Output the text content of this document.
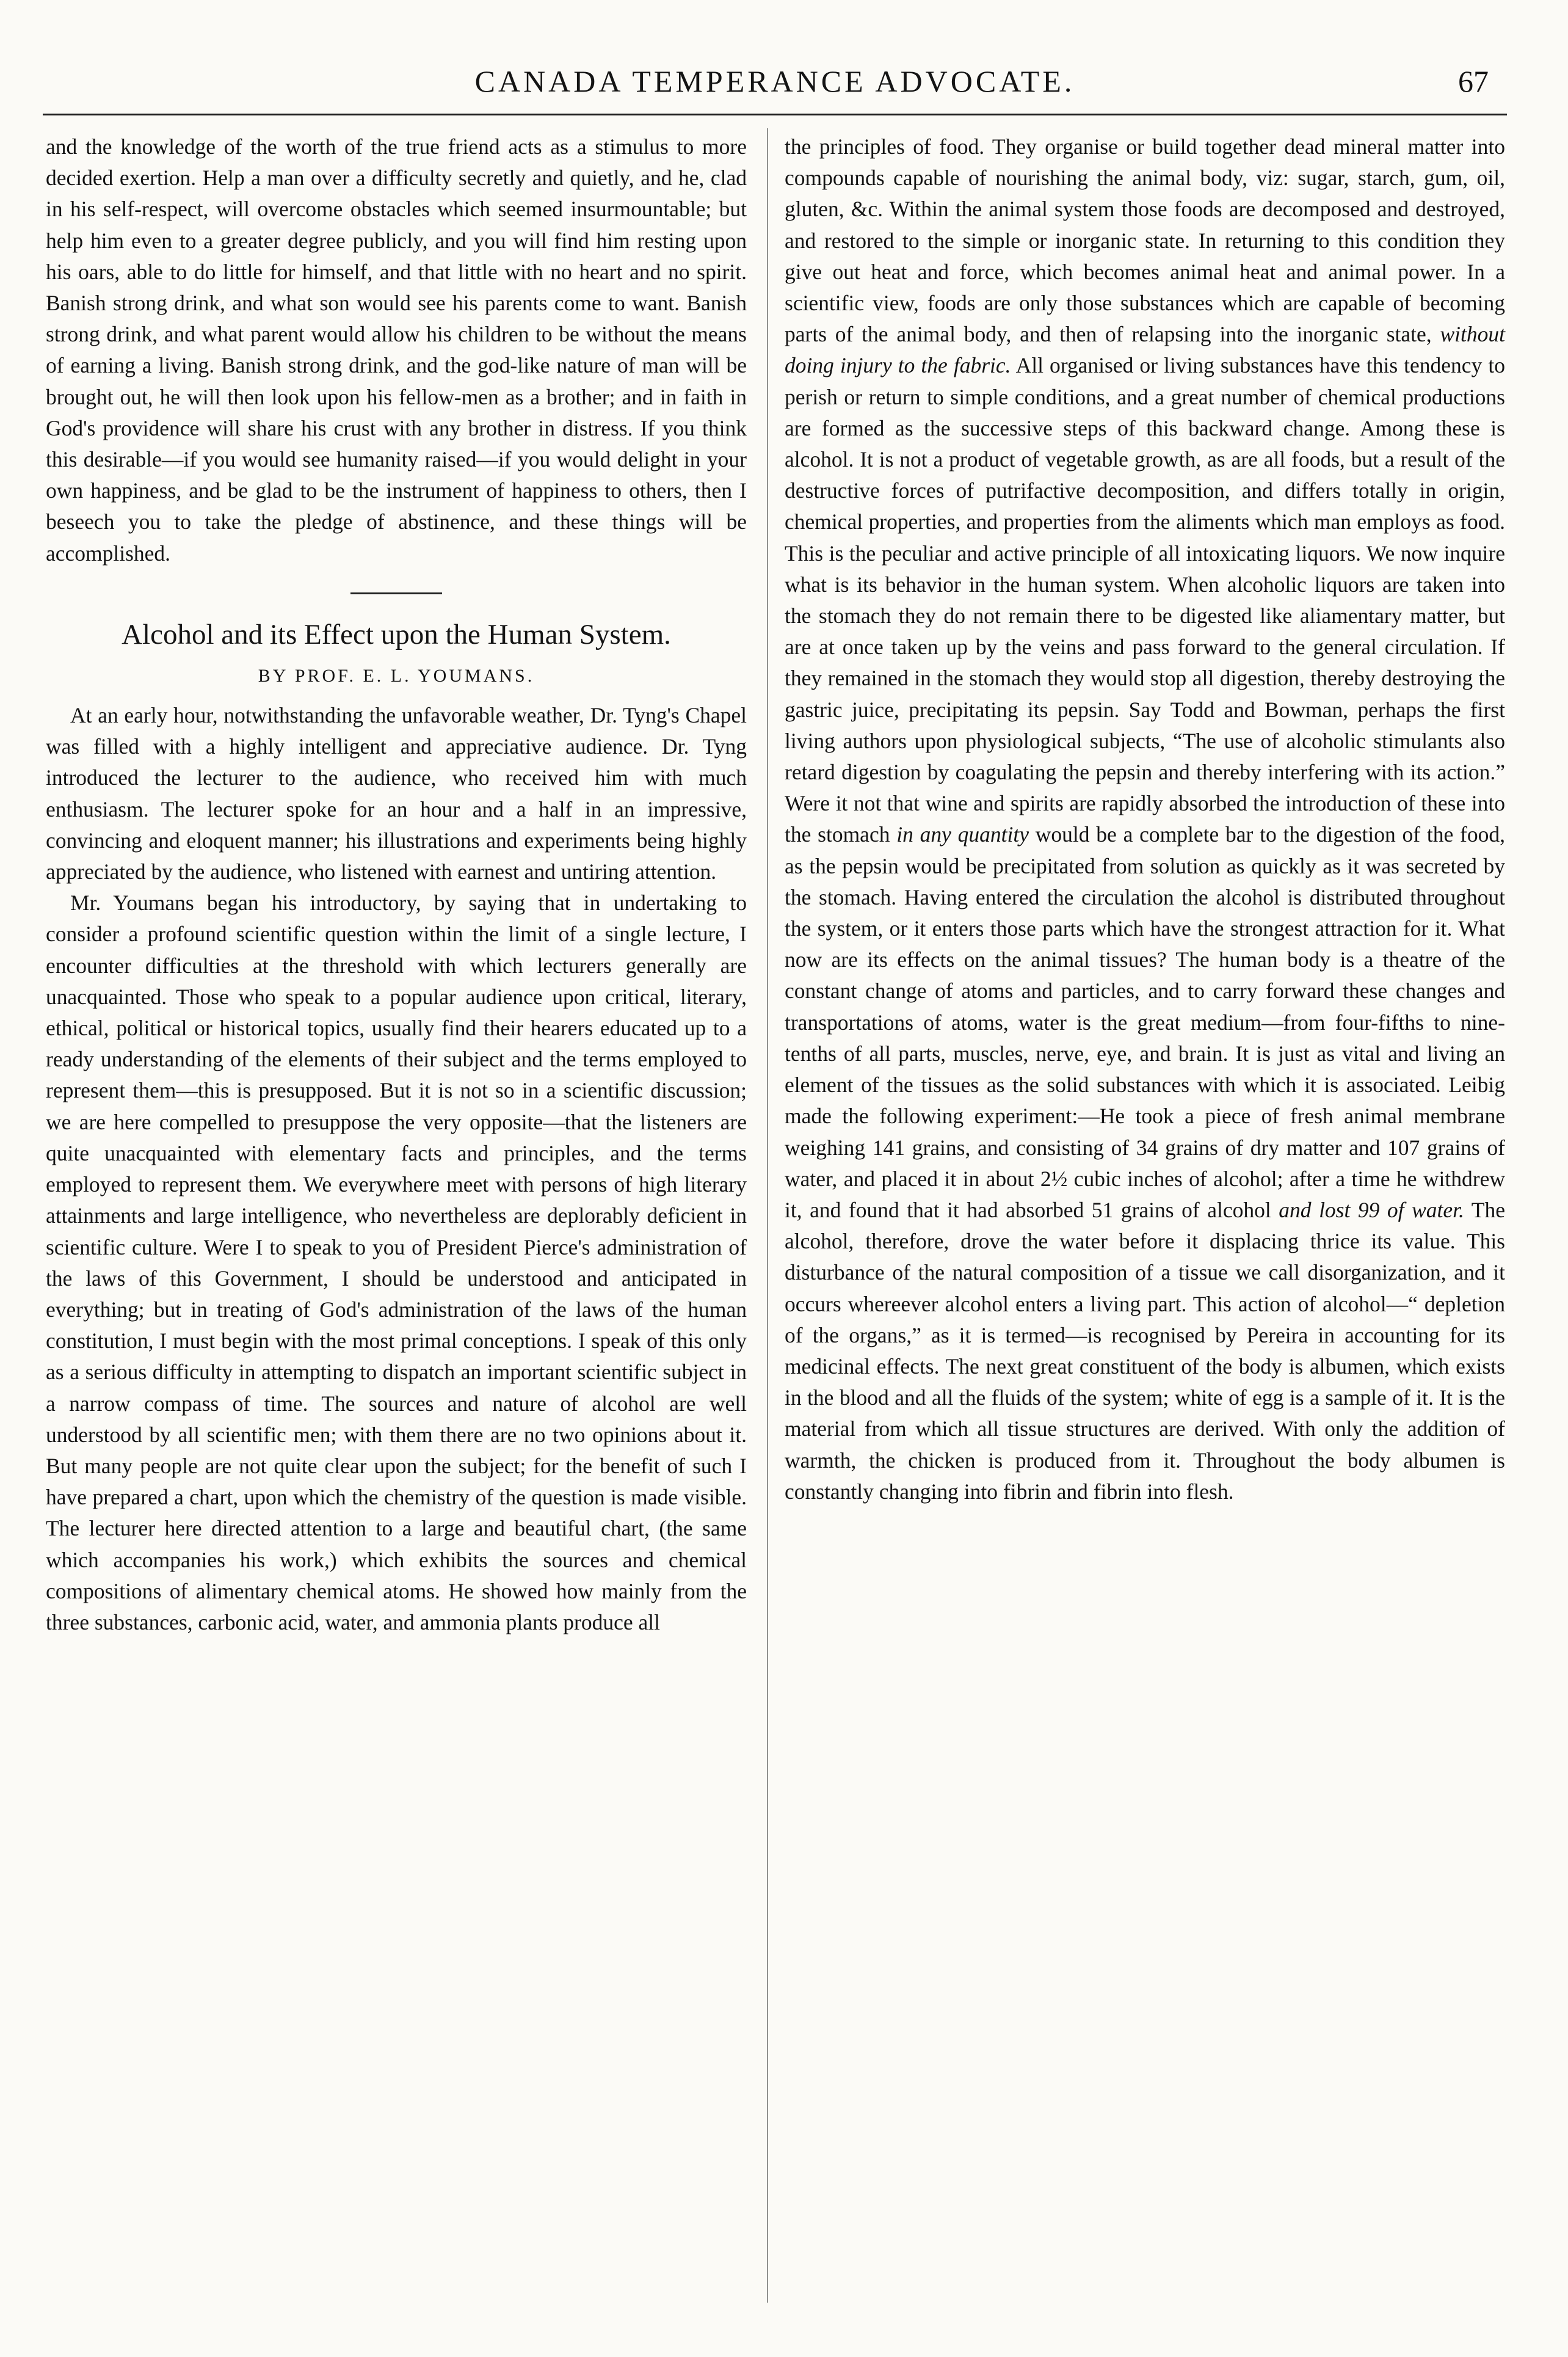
CANADA TEMPERANCE ADVOCATE.	67

and the knowledge of the worth of the true friend acts as a stimulus to more decided exertion. Help a man over a difficulty secretly and quietly, and he, clad in his self-respect, will overcome obstacles which seemed insurmountable; but help him even to a greater degree publicly, and you will find him resting upon his oars, able to do little for himself, and that little with no heart and no spirit. Banish strong drink, and what son would see his parents come to want. Banish strong drink, and what parent would allow his children to be without the means of earning a living. Banish strong drink, and the god-like nature of man will be brought out, he will then look upon his fellow-men as a brother; and in faith in God's providence will share his crust with any brother in distress. If you think this desirable—if you would see humanity raised—if you would delight in your own happiness, and be glad to be the instrument of happiness to others, then I beseech you to take the pledge of abstinence, and these things will be accomplished.

Alcohol and its Effect upon the Human System.
BY PROF. E. L. YOUMANS.

At an early hour, notwithstanding the unfavorable weather, Dr. Tyng's Chapel was filled with a highly intelligent and appreciative audience. Dr. Tyng introduced the lecturer to the audience, who received him with much enthusiasm. The lecturer spoke for an hour and a half in an impressive, convincing and eloquent manner; his illustrations and experiments being highly appreciated by the audience, who listened with earnest and untiring attention.

Mr. Youmans began his introductory, by saying that in undertaking to consider a profound scientific question within the limit of a single lecture, I encounter difficulties at the threshold with which lecturers generally are unacquainted. Those who speak to a popular audience upon critical, literary, ethical, political or historical topics, usually find their hearers educated up to a ready understanding of the elements of their subject and the terms employed to represent them—this is presupposed. But it is not so in a scientific discussion; we are here compelled to presuppose the very opposite—that the listeners are quite unacquainted with elementary facts and principles, and the terms employed to represent them. We everywhere meet with persons of high literary attainments and large intelligence, who nevertheless are deplorably deficient in scientific culture. Were I to speak to you of President Pierce's administration of the laws of this Government, I should be understood and anticipated in everything; but in treating of God's administration of the laws of the human constitution, I must begin with the most primal conceptions. I speak of this only as a serious difficulty in attempting to dispatch an important scientific subject in a narrow compass of time. The sources and nature of alcohol are well understood by all scientific men; with them there are no two opinions about it. But many people are not quite clear upon the subject; for the benefit of such I have prepared a chart, upon which the chemistry of the question is made visible. The lecturer here directed attention to a large and beautiful chart, (the same which accompanies his work,) which exhibits the sources and chemical compositions of alimentary chemical atoms. He showed how mainly from the three substances, carbonic acid, water, and ammonia plants produce all

the principles of food. They organise or build together dead mineral matter into compounds capable of nourishing the animal body, viz: sugar, starch, gum, oil, gluten, &c. Within the animal system those foods are decomposed and destroyed, and restored to the simple or inorganic state. In returning to this condition they give out heat and force, which becomes animal heat and animal power. In a scientific view, foods are only those substances which are capable of becoming parts of the animal body, and then of relapsing into the inorganic state, without doing injury to the fabric. All organised or living substances have this tendency to perish or return to simple conditions, and a great number of chemical productions are formed as the successive steps of this backward change. Among these is alcohol. It is not a product of vegetable growth, as are all foods, but a result of the destructive forces of putrifactive decomposition, and differs totally in origin, chemical properties, and properties from the aliments which man employs as food. This is the peculiar and active principle of all intoxicating liquors. We now inquire what is its behavior in the human system. When alcoholic liquors are taken into the stomach they do not remain there to be digested like aliamentary matter, but are at once taken up by the veins and pass forward to the general circulation. If they remained in the stomach they would stop all digestion, thereby destroying the gastric juice, precipitating its pepsin. Say Todd and Bowman, perhaps the first living authors upon physiological subjects, “The use of alcoholic stimulants also retard digestion by coagulating the pepsin and thereby interfering with its action.” Were it not that wine and spirits are rapidly absorbed the introduction of these into the stomach in any quantity would be a complete bar to the digestion of the food, as the pepsin would be precipitated from solution as quickly as it was secreted by the stomach. Having entered the circulation the alcohol is distributed throughout the system, or it enters those parts which have the strongest attraction for it. What now are its effects on the animal tissues? The human body is a theatre of the constant change of atoms and particles, and to carry forward these changes and transportations of atoms, water is the great medium—from four-fifths to nine-tenths of all parts, muscles, nerve, eye, and brain. It is just as vital and living an element of the tissues as the solid substances with which it is associated. Leibig made the following experiment:—He took a piece of fresh animal membrane weighing 141 grains, and consisting of 34 grains of dry matter and 107 grains of water, and placed it in about 2½ cubic inches of alcohol; after a time he withdrew it, and found that it had absorbed 51 grains of alcohol and lost 99 of water. The alcohol, therefore, drove the water before it displacing thrice its value. This disturbance of the natural composition of a tissue we call disorganization, and it occurs whereever alcohol enters a living part. This action of alcohol—“ depletion of the organs,” as it is termed—is recognised by Pereira in accounting for its medicinal effects. The next great constituent of the body is albumen, which exists in the blood and all the fluids of the system; white of egg is a sample of it. It is the material from which all tissue structures are derived. With only the addition of warmth, the chicken is produced from it. Throughout the body albumen is constantly changing into fibrin and fibrin into flesh.
